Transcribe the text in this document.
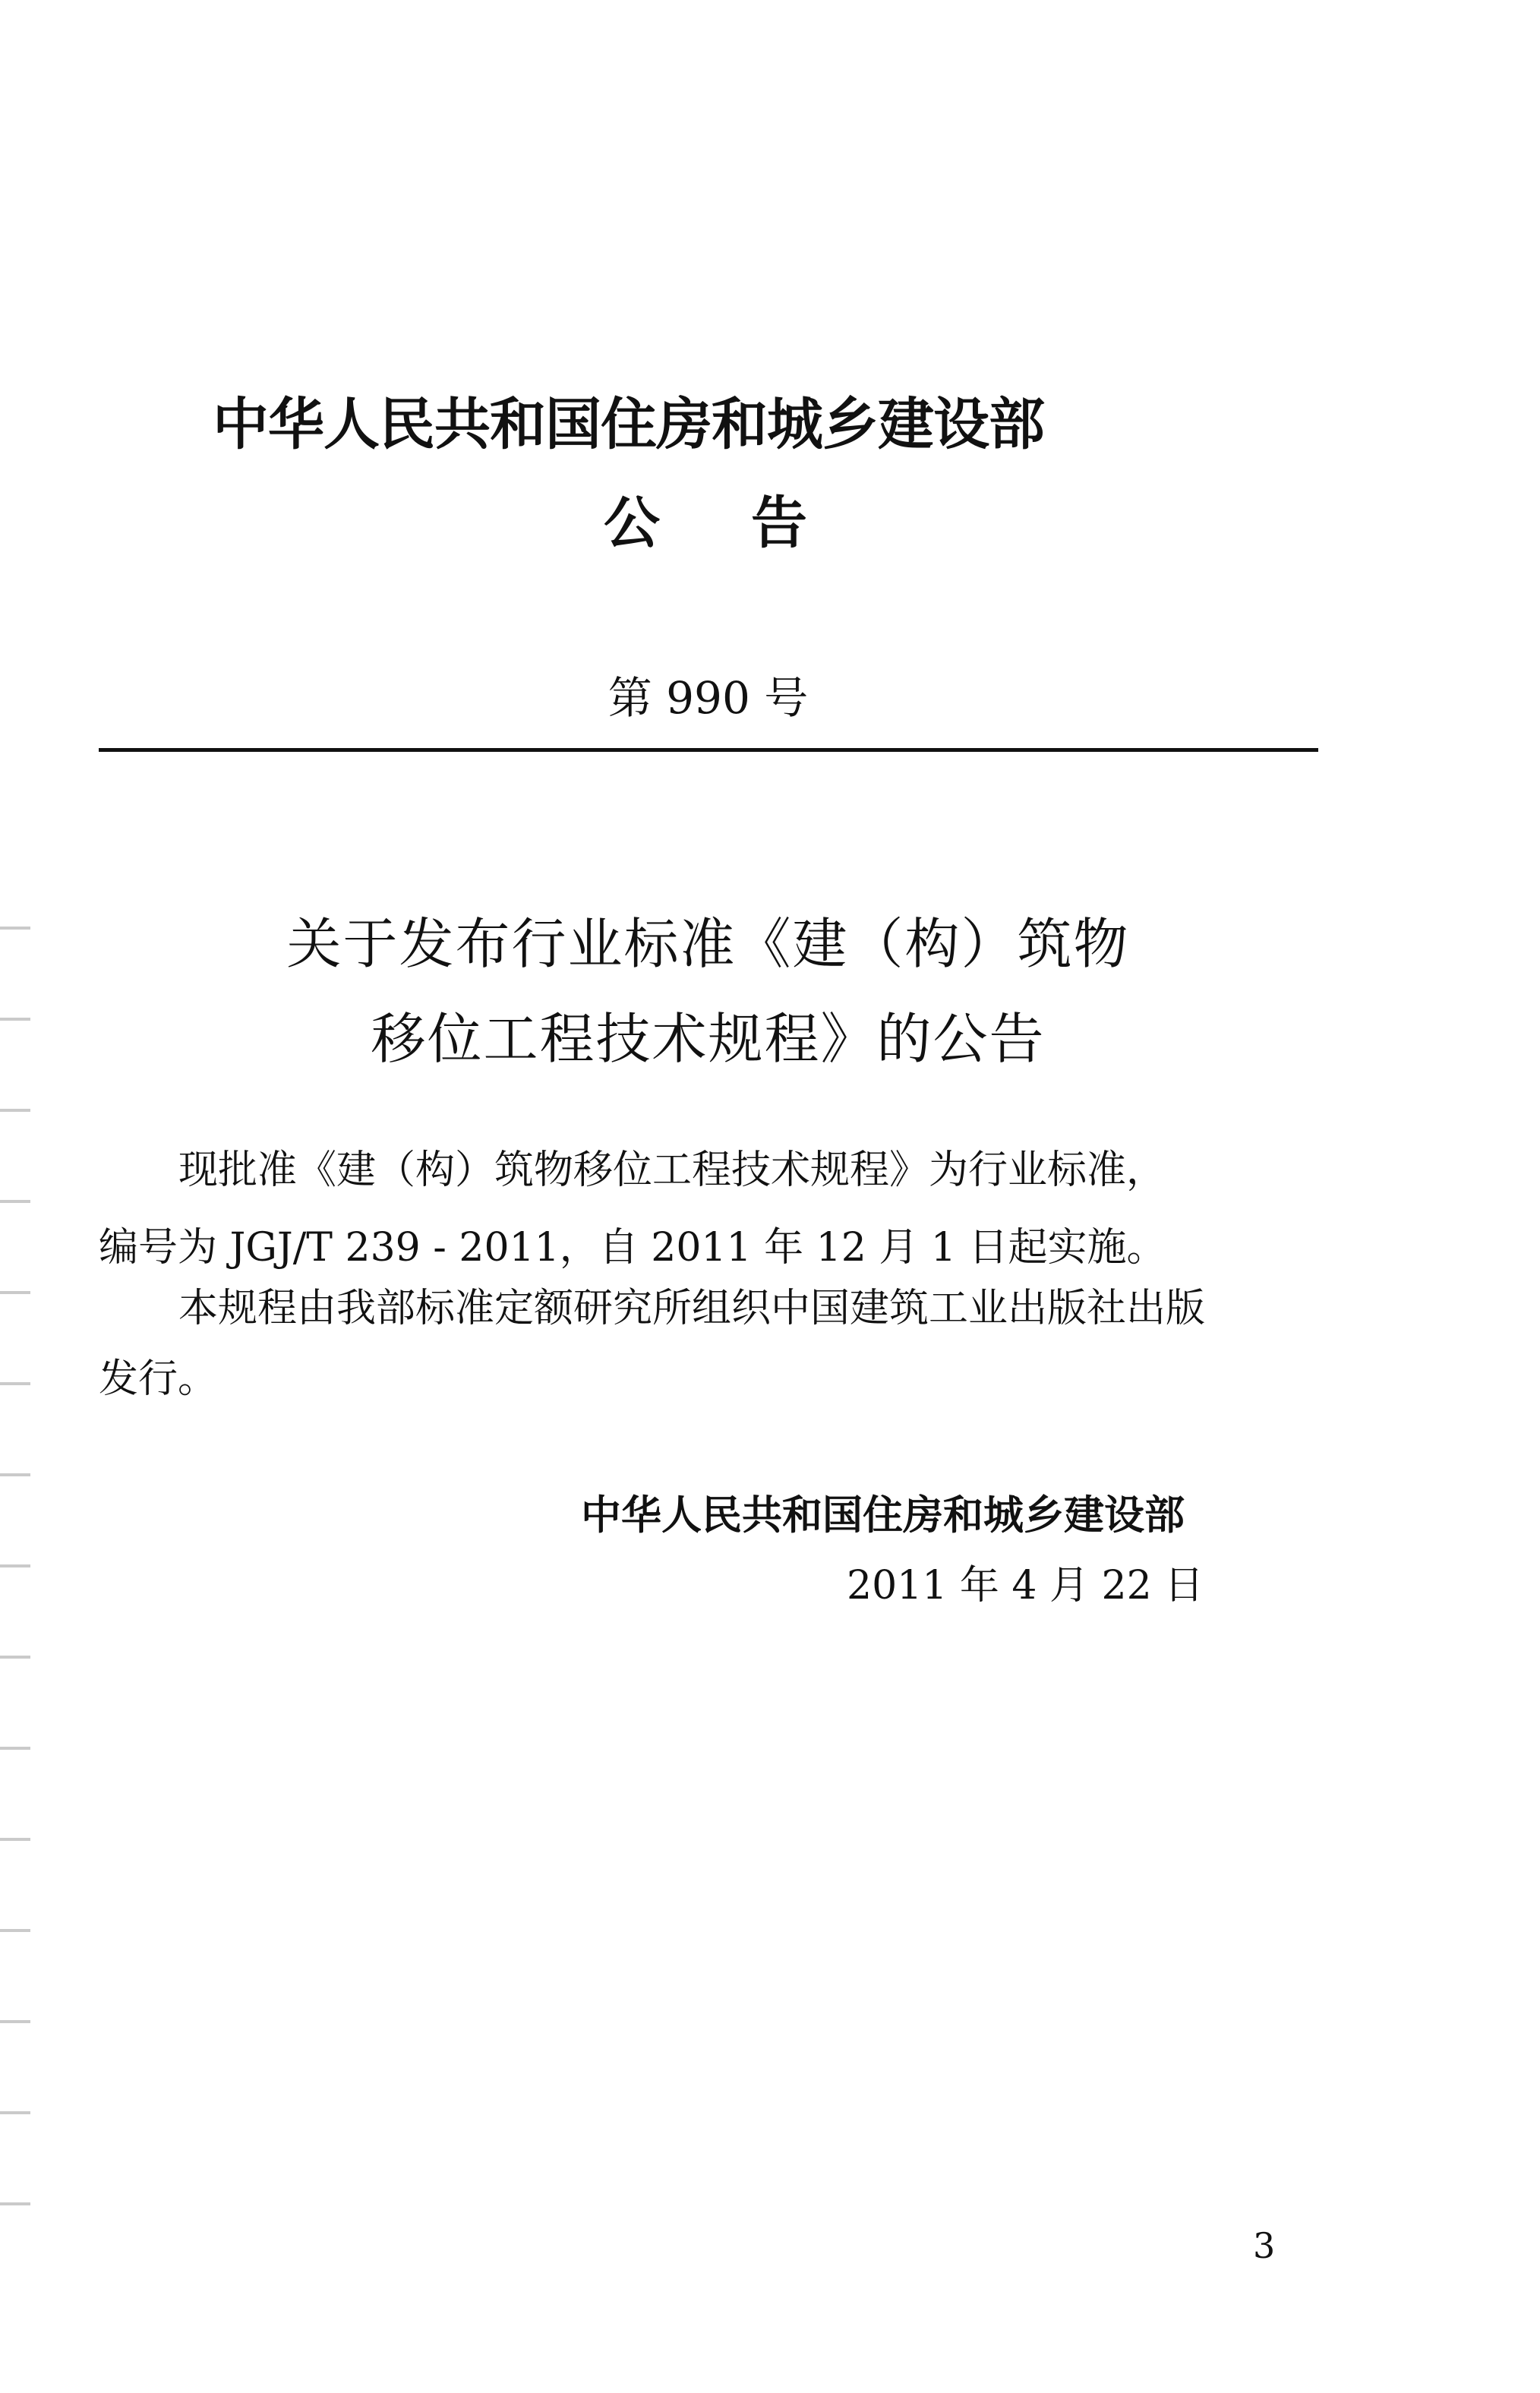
中华人民共和国住房和城乡建设部
公告
第 990 号
关于发布行业标准《建（构）筑物
移位工程技术规程》的公告
现批准《建（构）筑物移位工程技术规程》为行业标准，
编号为 JGJ/T 239 - 2011，自 2011 年 12 月 1 日起实施。
本规程由我部标准定额研究所组织中国建筑工业出版社出版
发行。
中华人民共和国住房和城乡建设部
2011 年 4 月 22 日
3
